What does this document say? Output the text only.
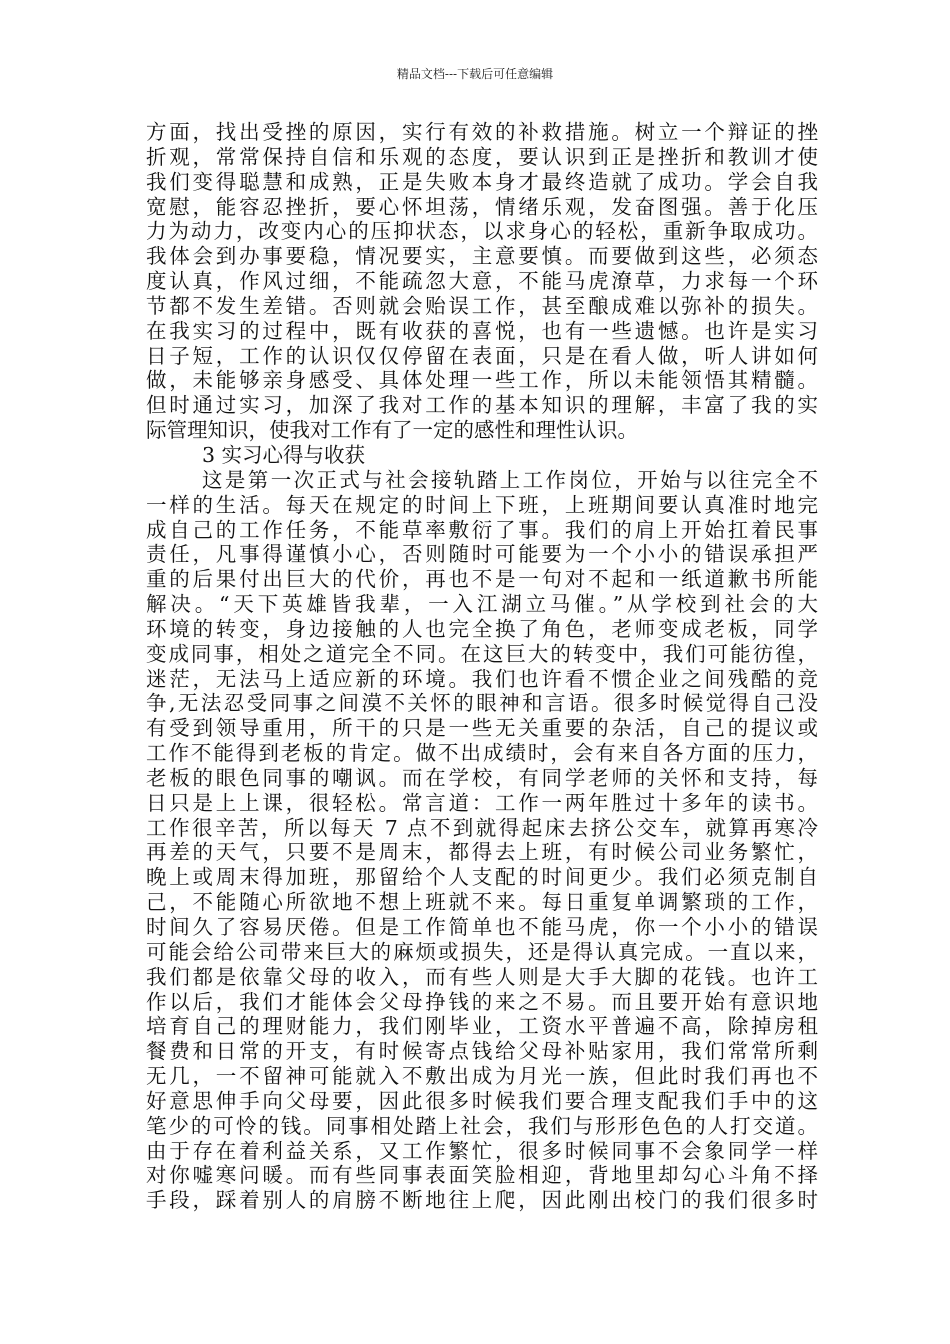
精品文档---下载后可任意编辑
方面，找出受挫的原因，实行有效的补救措施。树立一个辩证的挫
折观，常常保持自信和乐观的态度，要认识到正是挫折和教训才使
我们变得聪慧和成熟，正是失败本身才最终造就了成功。学会自我
宽慰，能容忍挫折，要心怀坦荡，情绪乐观，发奋图强。善于化压
力为动力，改变内心的压抑状态，以求身心的轻松，重新争取成功。
我体会到办事要稳，情况要实，主意要慎。而要做到这些，必须态
度认真，作风过细，不能疏忽大意，不能马虎潦草，力求每一个环
节都不发生差错。否则就会贻误工作，甚至酿成难以弥补的损失。
在我实习的过程中，既有收获的喜悦，也有一些遗憾。也许是实习
日子短，工作的认识仅仅停留在表面，只是在看人做，听人讲如何
做，未能够亲身感受、具体处理一些工作，所以未能领悟其精髓。
但时通过实习，加深了我对工作的基本知识的理解，丰富了我的实
际管理知识，使我对工作有了一定的感性和理性认识。
3 实习心得与收获
这是第一次正式与社会接轨踏上工作岗位，开始与以往完全不
一样的生活。每天在规定的时间上下班，上班期间要认真准时地完
成自己的工作任务，不能草率敷衍了事。我们的肩上开始扛着民事
责任，凡事得谨慎小心，否则随时可能要为一个小小的错误承担严
重的后果付出巨大的代价，再也不是一句对不起和一纸道歉书所能
解决。“天下英雄皆我辈，一入江湖立马催。”从学校到社会的大
环境的转变，身边接触的人也完全换了角色，老师变成老板，同学
变成同事，相处之道完全不同。在这巨大的转变中，我们可能彷徨，
迷茫，无法马上适应新的环境。我们也许看不惯企业之间残酷的竞
争,无法忍受同事之间漠不关怀的眼神和言语。很多时候觉得自己没
有受到领导重用，所干的只是一些无关重要的杂活，自己的提议或
工作不能得到老板的肯定。做不出成绩时，会有来自各方面的压力，
老板的眼色同事的嘲讽。而在学校，有同学老师的关怀和支持，每
日只是上上课，很轻松。常言道：工作一两年胜过十多年的读书。
工作很辛苦，所以每天 7 点不到就得起床去挤公交车，就算再寒冷
再差的天气，只要不是周末，都得去上班，有时候公司业务繁忙，
晚上或周末得加班，那留给个人支配的时间更少。我们必须克制自
己，不能随心所欲地不想上班就不来。每日重复单调繁琐的工作，
时间久了容易厌倦。但是工作简单也不能马虎，你一个小小的错误
可能会给公司带来巨大的麻烦或损失，还是得认真完成。一直以来，
我们都是依靠父母的收入，而有些人则是大手大脚的花钱。也许工
作以后，我们才能体会父母挣钱的来之不易。而且要开始有意识地
培育自己的理财能力，我们刚毕业，工资水平普遍不高，除掉房租
餐费和日常的开支，有时候寄点钱给父母补贴家用，我们常常所剩
无几，一不留神可能就入不敷出成为月光一族，但此时我们再也不
好意思伸手向父母要，因此很多时候我们要合理支配我们手中的这
笔少的可怜的钱。同事相处踏上社会，我们与形形色色的人打交道。
由于存在着利益关系，又工作繁忙，很多时候同事不会象同学一样
对你嘘寒问暖。而有些同事表面笑脸相迎，背地里却勾心斗角不择
手段，踩着别人的肩膀不断地往上爬，因此刚出校门的我们很多时
